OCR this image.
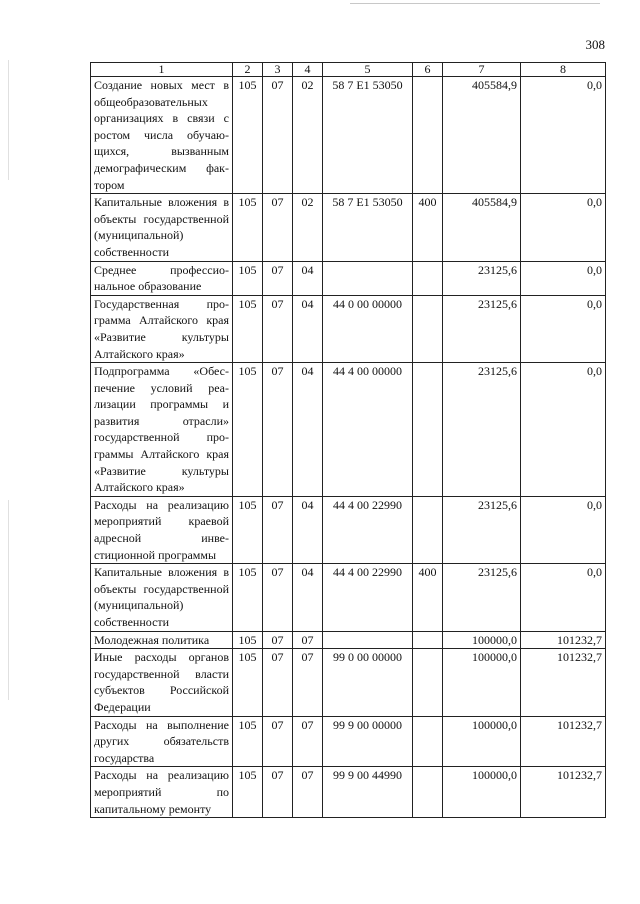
308
1	2	3	4	5	6	7	8
Создание новых мест в общеобразовательных организациях в связи с ростом числа обучающихся, вызванным демографическим фактором	105	07	02	58 7 E1 53050		405584,9	0,0
Капитальные вложения в объекты государственной (муниципальной) собственности	105	07	02	58 7 E1 53050	400	405584,9	0,0
Среднее профессиональное образование	105	07	04			23125,6	0,0
Государственная программа Алтайского края «Развитие культуры Алтайского края»	105	07	04	44 0 00 00000		23125,6	0,0
Подпрограмма «Обеспечение условий реализации программы и развития отрасли» государственной программы Алтайского края «Развитие культуры Алтайского края»	105	07	04	44 4 00 00000		23125,6	0,0
Расходы на реализацию мероприятий краевой адресной инвестиционной программы	105	07	04	44 4 00 22990		23125,6	0,0
Капитальные вложения в объекты государственной (муниципальной) собственности	105	07	04	44 4 00 22990	400	23125,6	0,0
Молодежная политика	105	07	07			100000,0	101232,7
Иные расходы органов государственной власти субъектов Российской Федерации	105	07	07	99 0 00 00000		100000,0	101232,7
Расходы на выполнение других обязательств государства	105	07	07	99 9 00 00000		100000,0	101232,7
Расходы на реализацию мероприятий по капитальному ремонту	105	07	07	99 9 00 44990		100000,0	101232,7
